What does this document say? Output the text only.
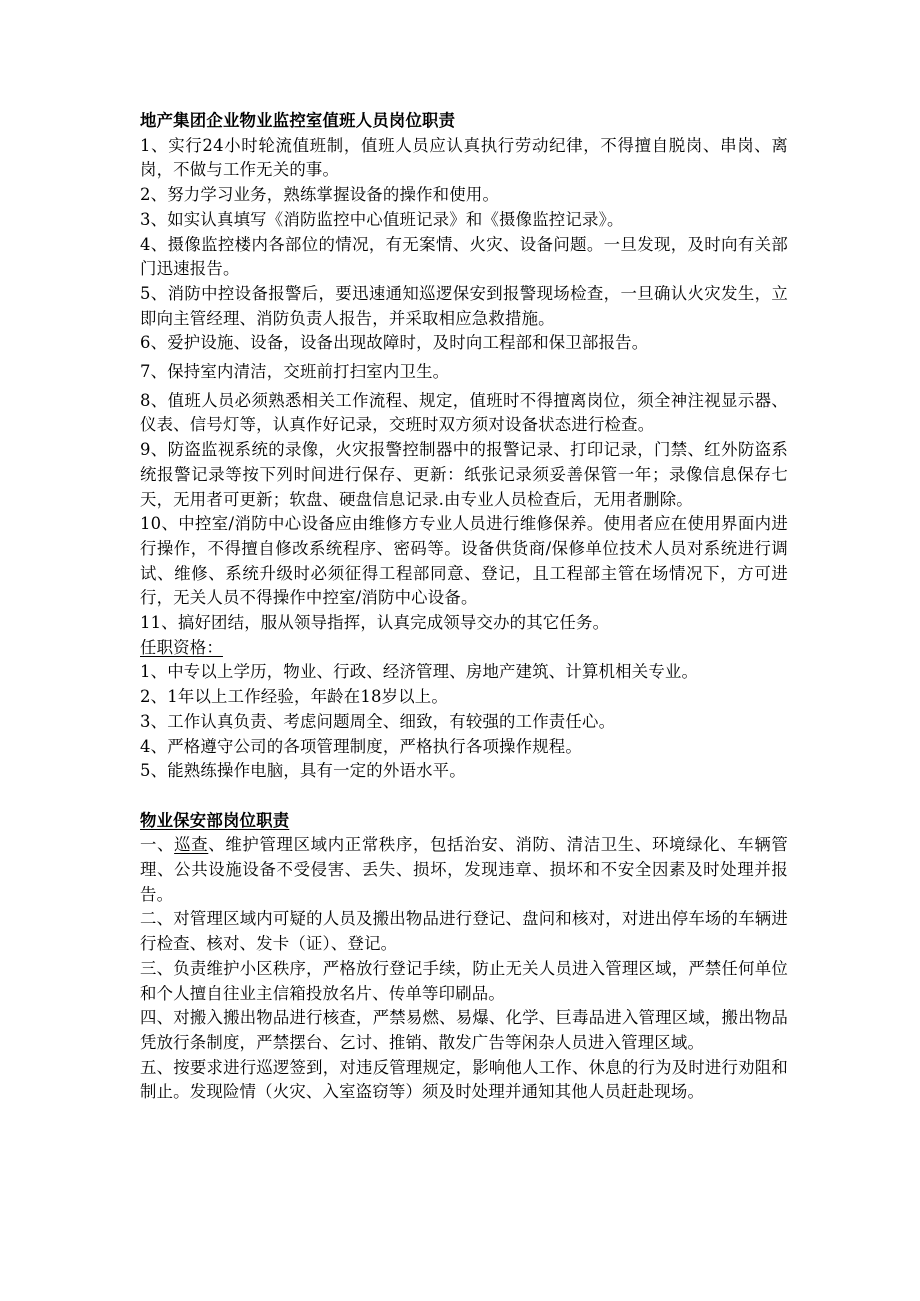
地产集团企业物业监控室值班人员岗位职责

1、实行24小时轮流值班制，值班人员应认真执行劳动纪律，不得擅自脱岗、串岗、离岗，不做与工作无关的事。

2、努力学习业务，熟练掌握设备的操作和使用。

3、如实认真填写《消防监控中心值班记录》和《摄像监控记录》。

4、摄像监控楼内各部位的情况，有无案情、火灾、设备问题。一旦发现，及时向有关部门迅速报告。

5、消防中控设备报警后，要迅速通知巡逻保安到报警现场检查，一旦确认火灾发生，立即向主管经理、消防负责人报告，并采取相应急救措施。

6、爱护设施、设备，设备出现故障时，及时向工程部和保卫部报告。

7、保持室内清洁，交班前打扫室内卫生。

8、值班人员必须熟悉相关工作流程、规定，值班时不得擅离岗位，须全神注视显示器、仪表、信号灯等，认真作好记录，交班时双方须对设备状态进行检查。

9、防盗监视系统的录像，火灾报警控制器中的报警记录、打印记录，门禁、红外防盗系统报警记录等按下列时间进行保存、更新：纸张记录须妥善保管一年；录像信息保存七天，无用者可更新；软盘、硬盘信息记录.由专业人员检查后，无用者删除。

10、中控室/消防中心设备应由维修方专业人员进行维修保养。使用者应在使用界面内进行操作，不得擅自修改系统程序、密码等。设备供货商/保修单位技术人员对系统进行调试、维修、系统升级时必须征得工程部同意、登记，且工程部主管在场情况下，方可进行，无关人员不得操作中控室/消防中心设备。

11、搞好团结，服从领导指挥，认真完成领导交办的其它任务。

任职资格：

1、中专以上学历，物业、行政、经济管理、房地产建筑、计算机相关专业。

2、1年以上工作经验，年龄在18岁以上。

3、工作认真负责、考虑问题周全、细致，有较强的工作责任心。

4、严格遵守公司的各项管理制度，严格执行各项操作规程。

5、能熟练操作电脑，具有一定的外语水平。

物业保安部岗位职责

一、巡查、维护管理区域内正常秩序，包括治安、消防、清洁卫生、环境绿化、车辆管理、公共设施设备不受侵害、丢失、损坏，发现违章、损坏和不安全因素及时处理并报告。

二、对管理区域内可疑的人员及搬出物品进行登记、盘问和核对，对进出停车场的车辆进行检查、核对、发卡（证）、登记。

三、负责维护小区秩序，严格放行登记手续，防止无关人员进入管理区域，严禁任何单位和个人擅自往业主信箱投放名片、传单等印刷品。

四、对搬入搬出物品进行核查，严禁易燃、易爆、化学、巨毒品进入管理区域，搬出物品凭放行条制度，严禁摆台、乞讨、推销、散发广告等闲杂人员进入管理区域。

五、按要求进行巡逻签到，对违反管理规定，影响他人工作、休息的行为及时进行劝阻和制止。发现险情（火灾、入室盗窃等）须及时处理并通知其他人员赶赴现场。
